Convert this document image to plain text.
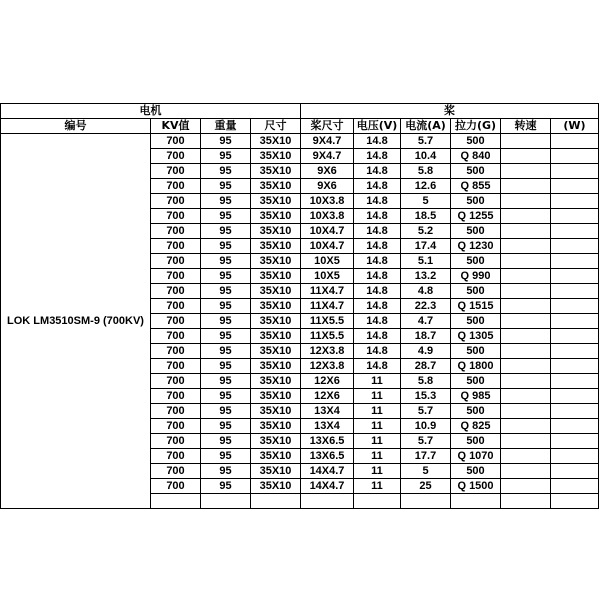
电机				桨					
编号	KV值	重量	尺寸	桨尺寸	电压(V)	电流(A)	拉力(G)	转速	(W)
LOK LM3510SM-9 (700KV)	700	95	35X10	9X4.7	14.8	5.7	500		
	700	95	35X10	9X4.7	14.8	10.4	Q 840		
	700	95	35X10	9X6	14.8	5.8	500		
	700	95	35X10	9X6	14.8	12.6	Q 855		
	700	95	35X10	10X3.8	14.8	5	500		
	700	95	35X10	10X3.8	14.8	18.5	Q 1255		
	700	95	35X10	10X4.7	14.8	5.2	500		
	700	95	35X10	10X4.7	14.8	17.4	Q 1230		
	700	95	35X10	10X5	14.8	5.1	500		
	700	95	35X10	10X5	14.8	13.2	Q 990		
	700	95	35X10	11X4.7	14.8	4.8	500		
	700	95	35X10	11X4.7	14.8	22.3	Q 1515		
	700	95	35X10	11X5.5	14.8	4.7	500		
	700	95	35X10	11X5.5	14.8	18.7	Q 1305		
	700	95	35X10	12X3.8	14.8	4.9	500		
	700	95	35X10	12X3.8	14.8	28.7	Q 1800		
	700	95	35X10	12X6	11	5.8	500		
	700	95	35X10	12X6	11	15.3	Q 985		
	700	95	35X10	13X4	11	5.7	500		
	700	95	35X10	13X4	11	10.9	Q 825		
	700	95	35X10	13X6.5	11	5.7	500		
	700	95	35X10	13X6.5	11	17.7	Q 1070		
	700	95	35X10	14X4.7	11	5	500		
	700	95	35X10	14X4.7	11	25	Q 1500		
